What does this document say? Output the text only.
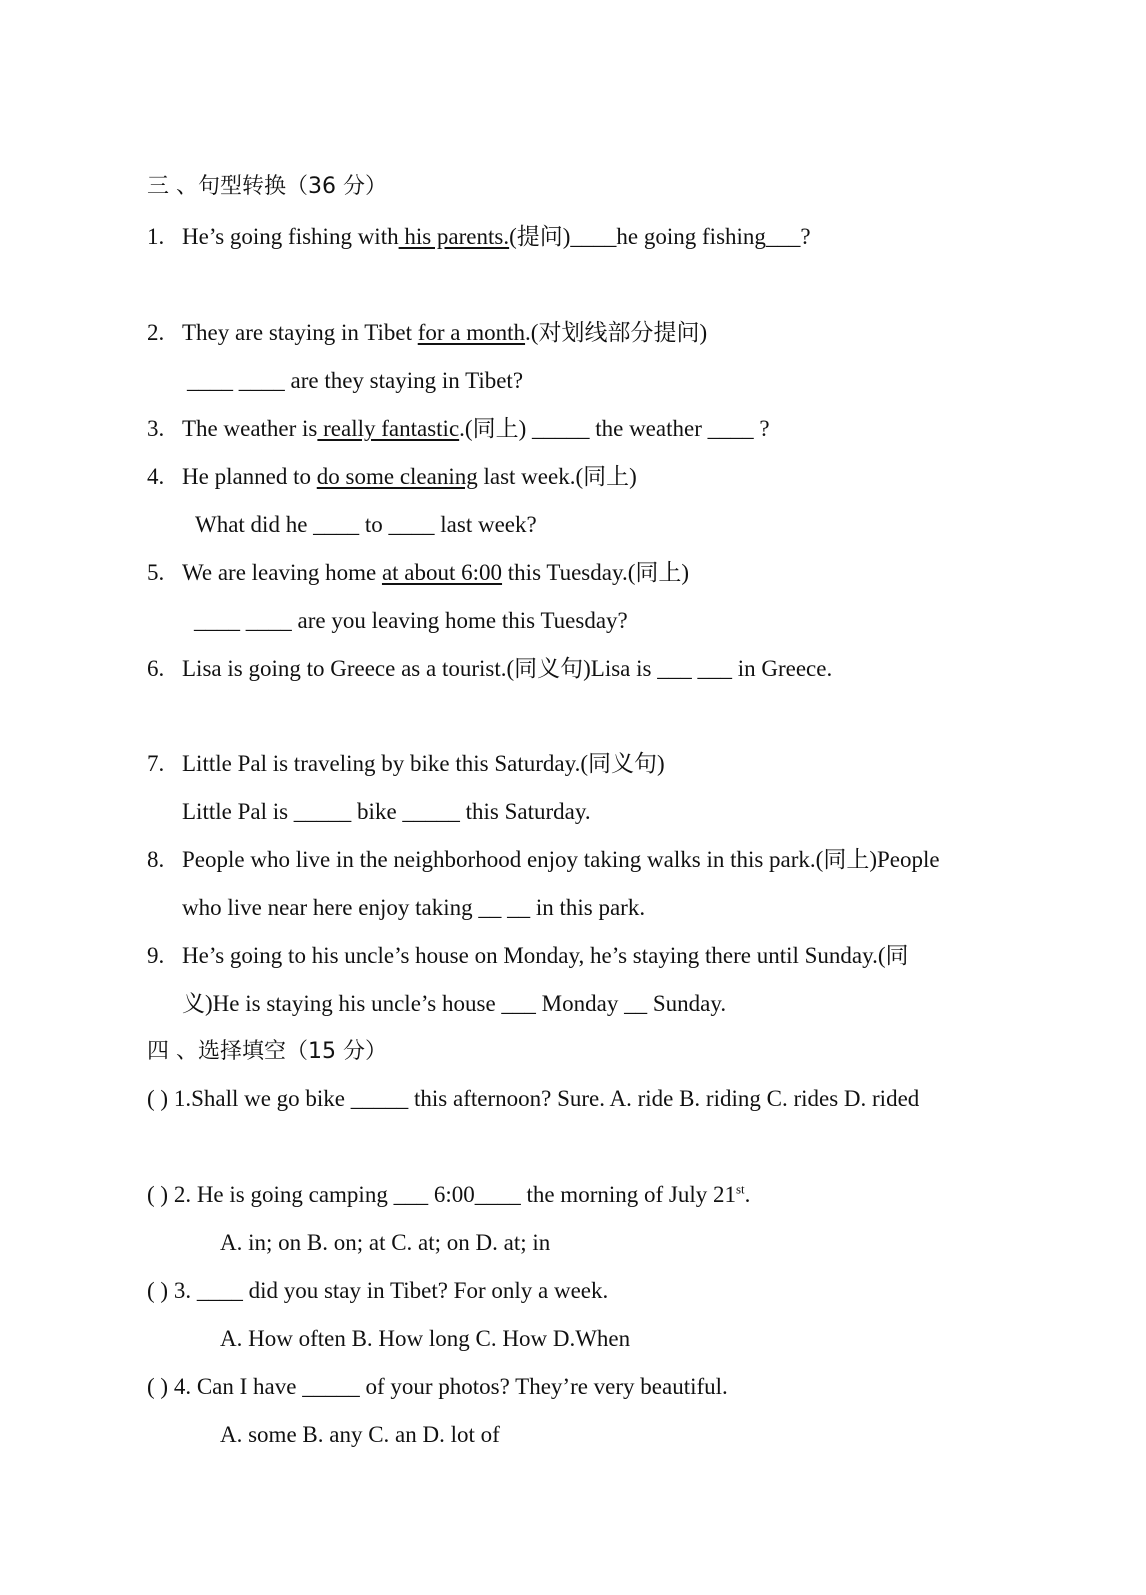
三 、句型转换（36 分）
1. He’s going fishing with his parents.(提问)____he going fishing___?
2. They are staying in Tibet for a month.(对划线部分提问)
____ ____ are they staying in Tibet?
3. The weather is really fantastic.(同上) _____ the weather ____ ?
4. He planned to do some cleaning last week.(同上)
What did he ____ to ____ last week?
5. We are leaving home at about 6:00 this Tuesday.(同上)
____ ____ are you leaving home this Tuesday?
6. Lisa is going to Greece as a tourist.(同义句)Lisa is ___ ___ in Greece.
7. Little Pal is traveling by bike this Saturday.(同义句)
Little Pal is _____ bike _____ this Saturday.
8. People who live in the neighborhood enjoy taking walks in this park.(同上)People
who live near here enjoy taking __ __ in this park.
9. He’s going to his uncle’s house on Monday, he’s staying there until Sunday.(同
义)He is staying his uncle’s house ___ Monday __ Sunday.
四 、选择填空（15 分）
( ) 1.Shall we go bike _____ this afternoon? Sure. A. ride B. riding C. rides D. rided
( ) 2. He is going camping ___ 6:00____ the morning of July 21st.
A. in; on B. on; at C. at; on D. at; in
( ) 3. ____ did you stay in Tibet? For only a week.
A. How often B. How long C. How D.When
( ) 4. Can I have _____ of your photos? They’re very beautiful.
A. some B. any C. an D. lot of
